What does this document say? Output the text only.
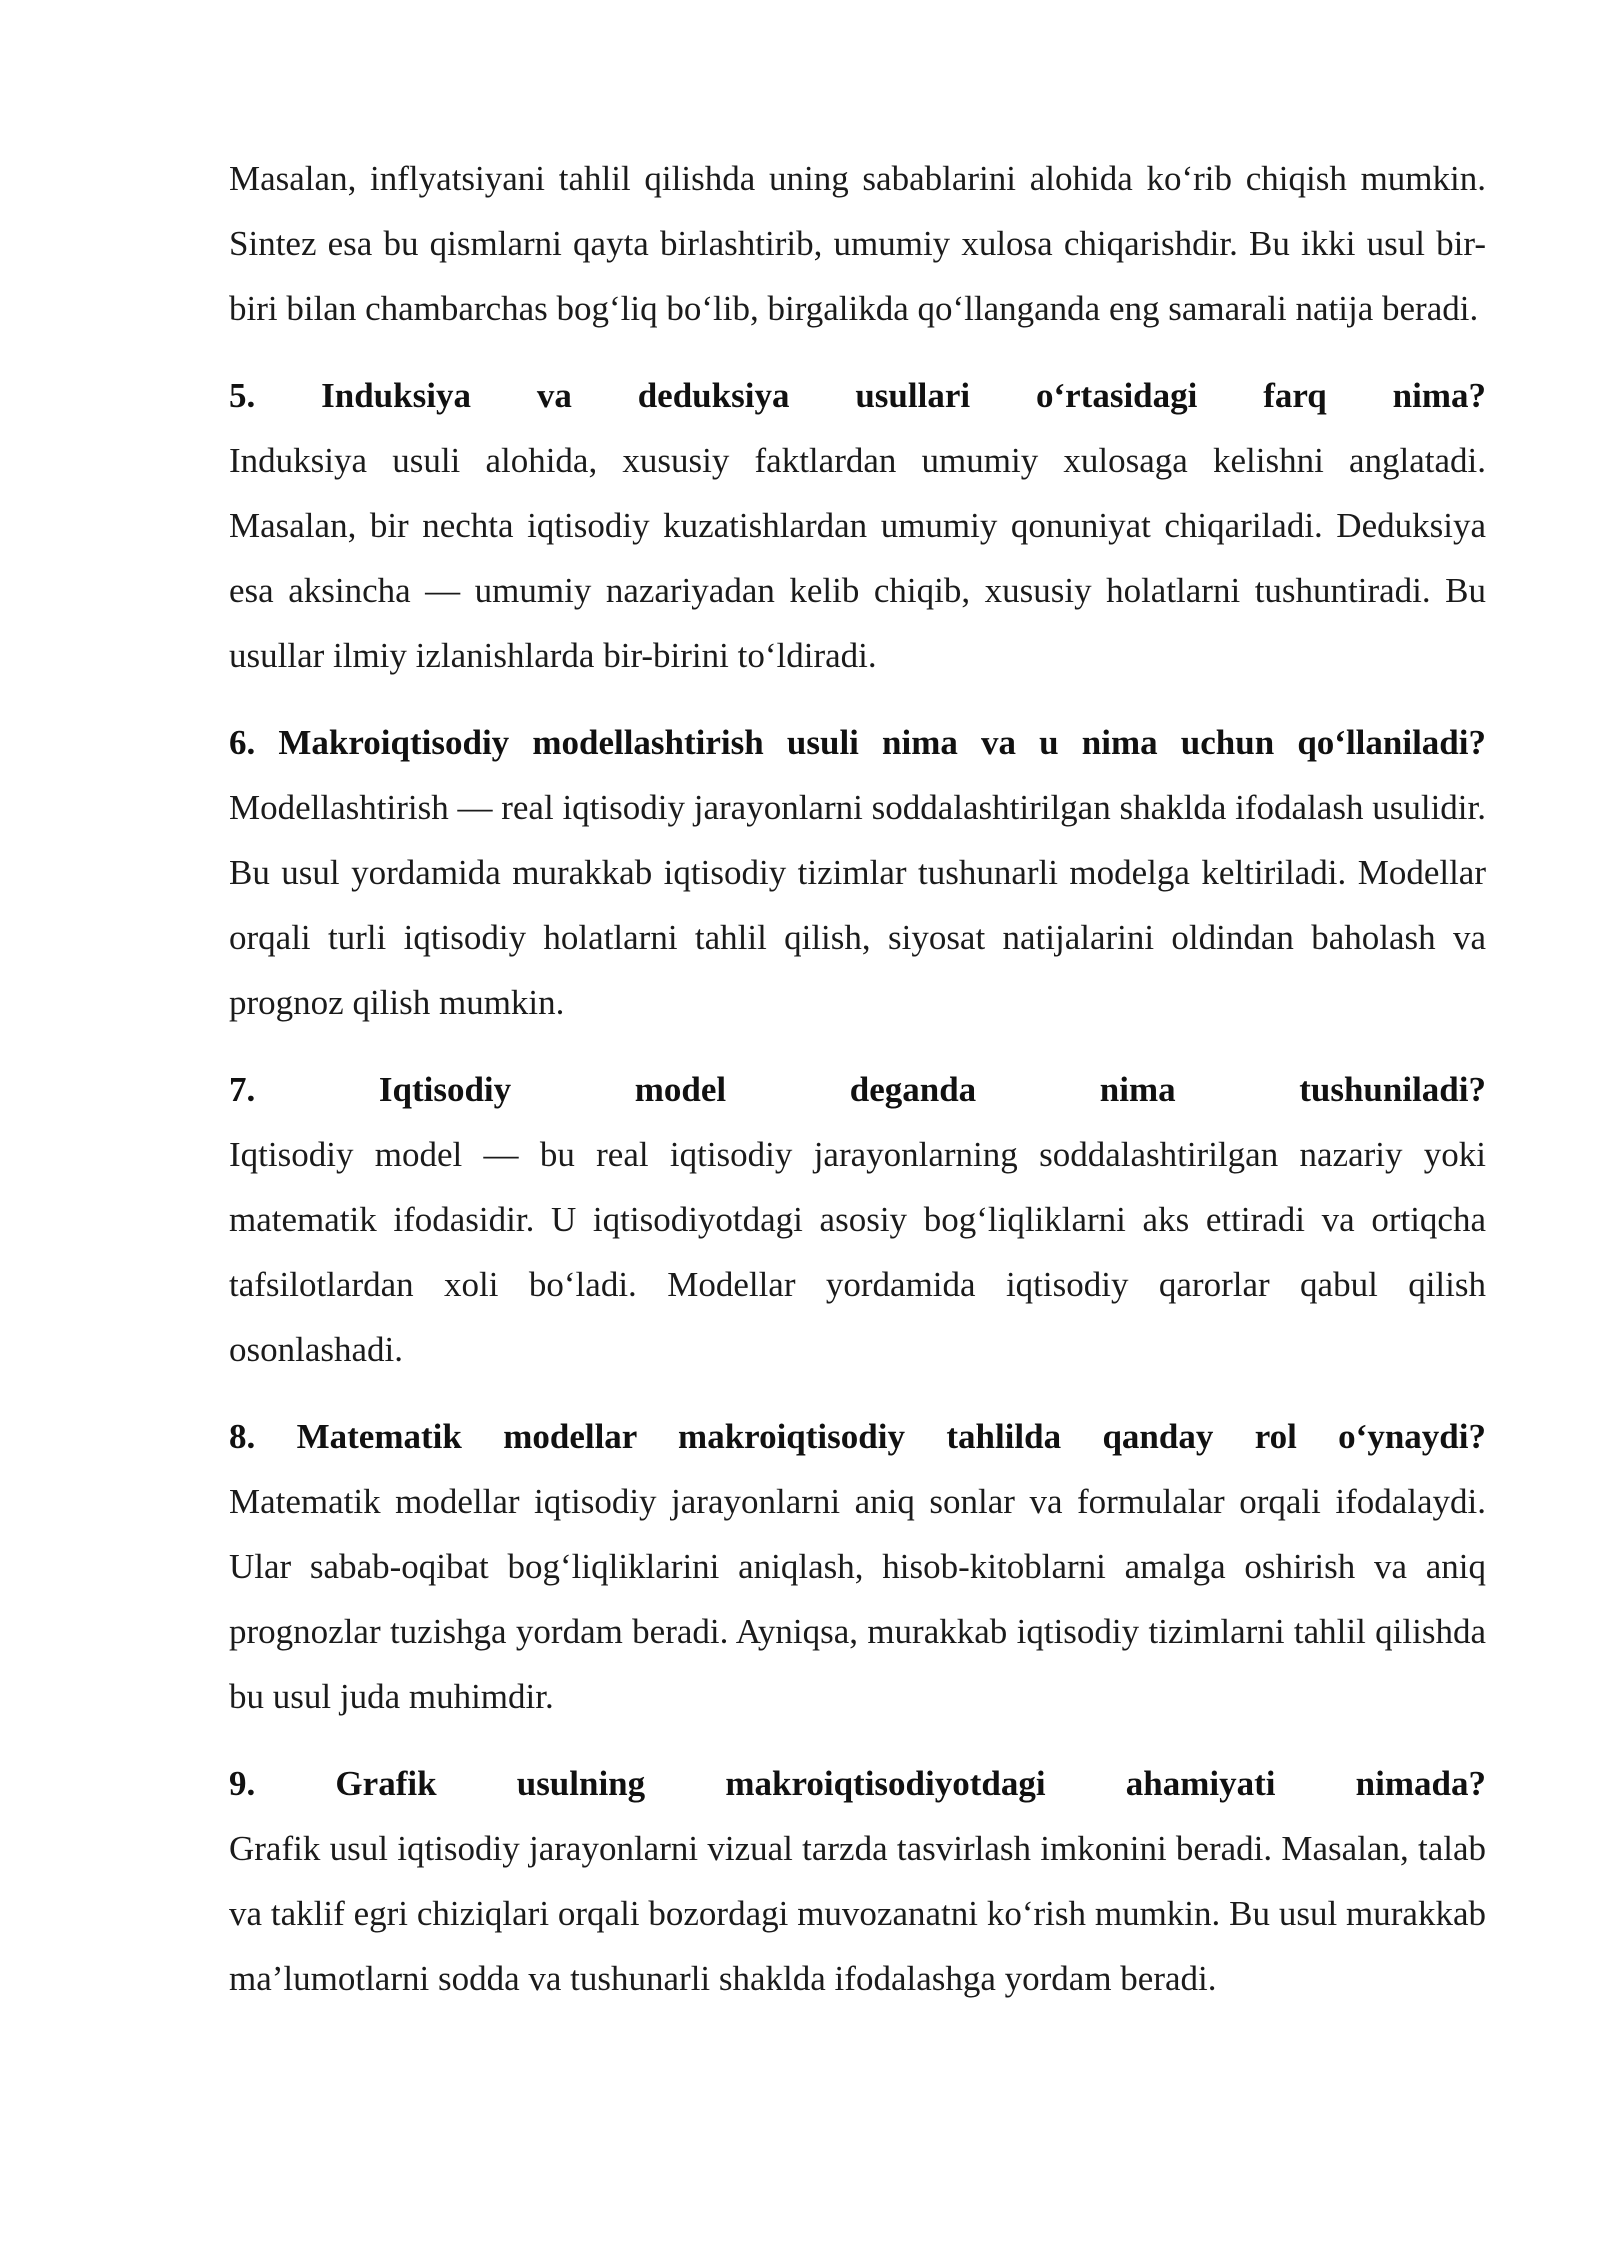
Masalan, inflyatsiyani tahlil qilishda uning sabablarini alohida ko‘rib chiqish mumkin. Sintez esa bu qismlarni qayta birlashtirib, umumiy xulosa chiqarishdir. Bu ikki usul bir-biri bilan chambarchas bog‘liq bo‘lib, birgalikda qo‘llanganda eng samarali natija beradi.

5. Induksiya va deduksiya usullari o‘rtasidagi farq nima?
Induksiya usuli alohida, xususiy faktlardan umumiy xulosaga kelishni anglatadi. Masalan, bir nechta iqtisodiy kuzatishlardan umumiy qonuniyat chiqariladi. Deduksiya esa aksincha — umumiy nazariyadan kelib chiqib, xususiy holatlarni tushuntiradi. Bu usullar ilmiy izlanishlarda bir-birini to‘ldiradi.
6. Makroiqtisodiy modellashtirish usuli nima va u nima uchun qo‘llaniladi?
Modellashtirish — real iqtisodiy jarayonlarni soddalashtirilgan shaklda ifodalash usulidir. Bu usul yordamida murakkab iqtisodiy tizimlar tushunarli modelga keltiriladi. Modellar orqali turli iqtisodiy holatlarni tahlil qilish, siyosat natijalarini oldindan baholash va prognoz qilish mumkin.
7. Iqtisodiy model deganda nima tushuniladi?
Iqtisodiy model — bu real iqtisodiy jarayonlarning soddalashtirilgan nazariy yoki matematik ifodasidir. U iqtisodiyotdagi asosiy bog‘liqliklarni aks ettiradi va ortiqcha tafsilotlardan xoli bo‘ladi. Modellar yordamida iqtisodiy qarorlar qabul qilish osonlashadi.
8. Matematik modellar makroiqtisodiy tahlilda qanday rol o‘ynaydi?
Matematik modellar iqtisodiy jarayonlarni aniq sonlar va formulalar orqali ifodalaydi. Ular sabab-oqibat bog‘liqliklarini aniqlash, hisob-kitoblarni amalga oshirish va aniq prognozlar tuzishga yordam beradi. Ayniqsa, murakkab iqtisodiy tizimlarni tahlil qilishda bu usul juda muhimdir.
9. Grafik usulning makroiqtisodiyotdagi ahamiyati nimada?
Grafik usul iqtisodiy jarayonlarni vizual tarzda tasvirlash imkonini beradi. Masalan, talab va taklif egri chiziqlari orqali bozordagi muvozanatni ko‘rish mumkin. Bu usul murakkab ma’lumotlarni sodda va tushunarli shaklda ifodalashga yordam beradi.
